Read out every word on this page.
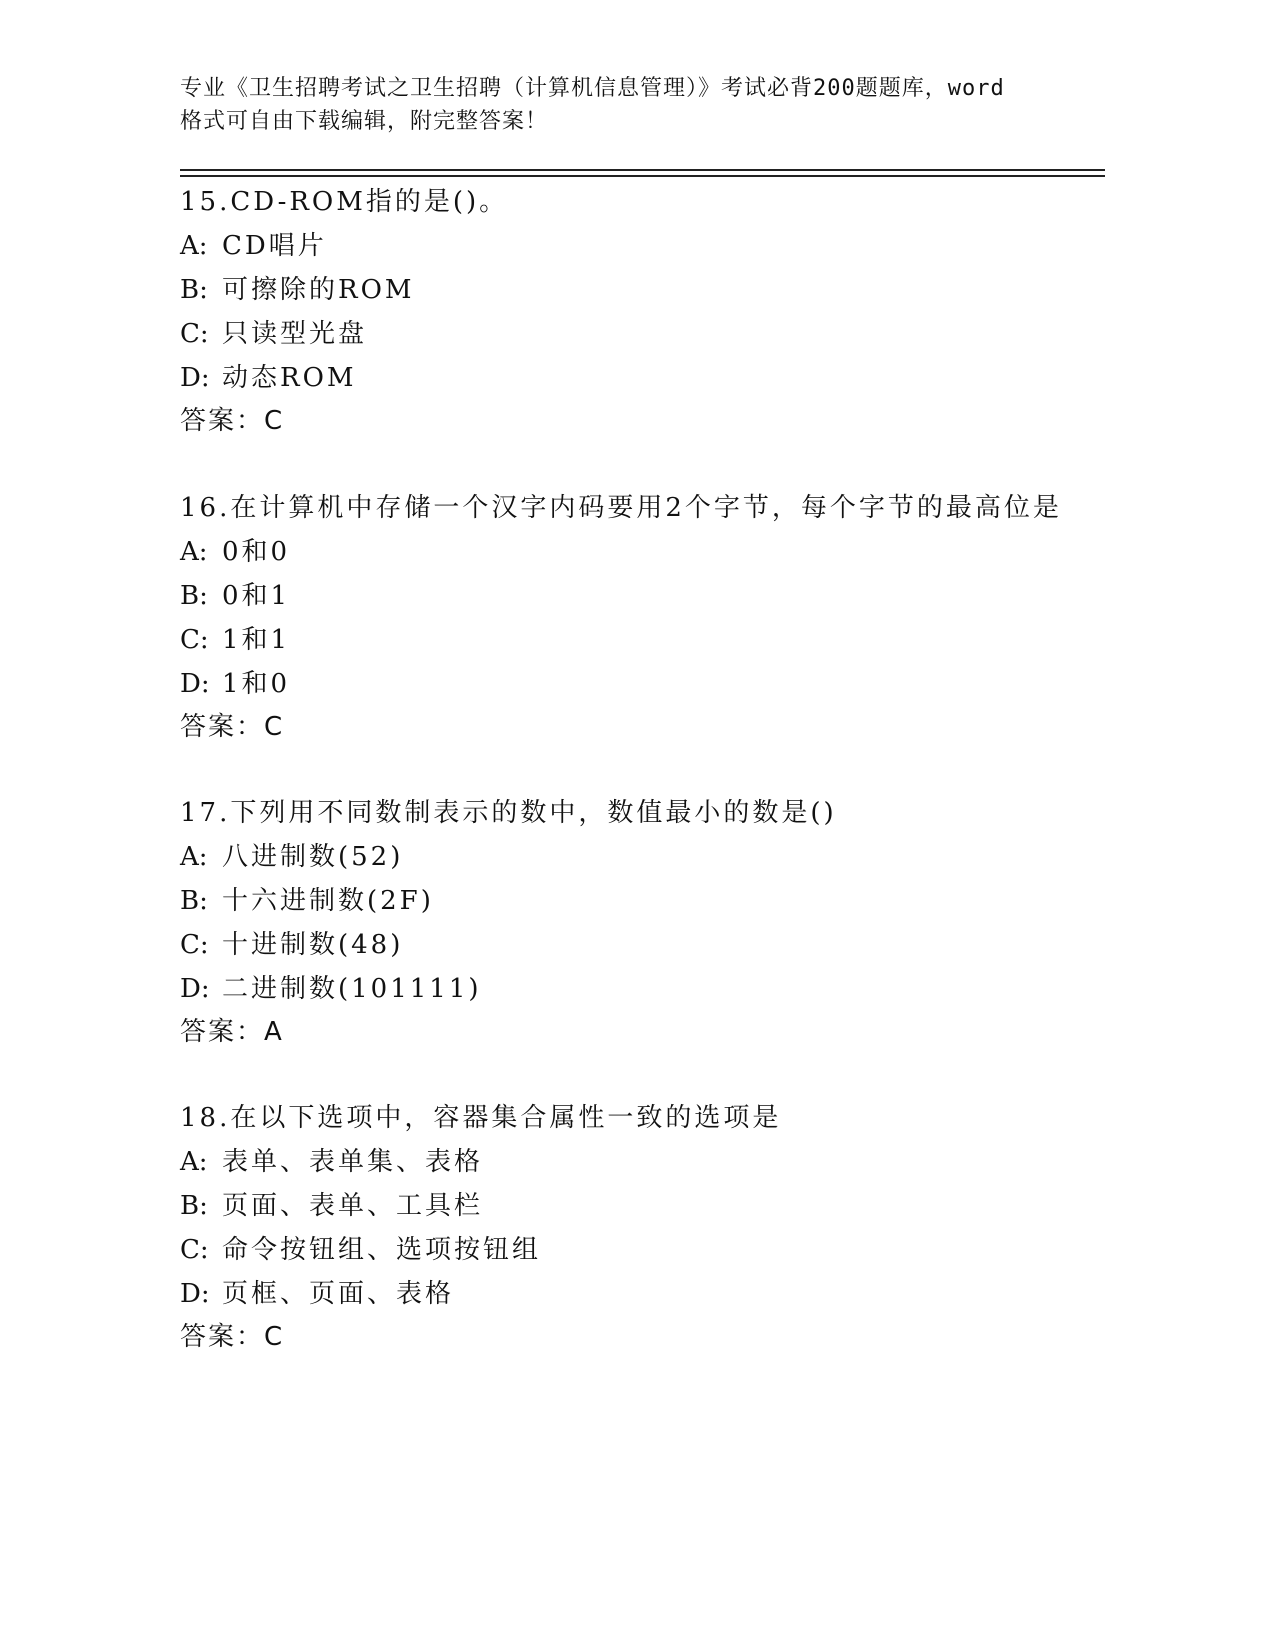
专业《卫生招聘考试之卫生招聘（计算机信息管理）》考试必背200题题库，word
格式可自由下载编辑，附完整答案！
15.CD-ROM指的是()。
A: CD唱片
B: 可擦除的ROM
C: 只读型光盘
D: 动态ROM
答案：C
16.在计算机中存储一个汉字内码要用2个字节，每个字节的最高位是
A: 0和0
B: 0和1
C: 1和1
D: 1和0
答案：C
17.下列用不同数制表示的数中，数值最小的数是()
A: 八进制数(52)
B: 十六进制数(2F)
C: 十进制数(48)
D: 二进制数(101111)
答案：A
18.在以下选项中，容器集合属性一致的选项是
A: 表单、表单集、表格
B: 页面、表单、工具栏
C: 命令按钮组、选项按钮组
D: 页框、页面、表格
答案：C
